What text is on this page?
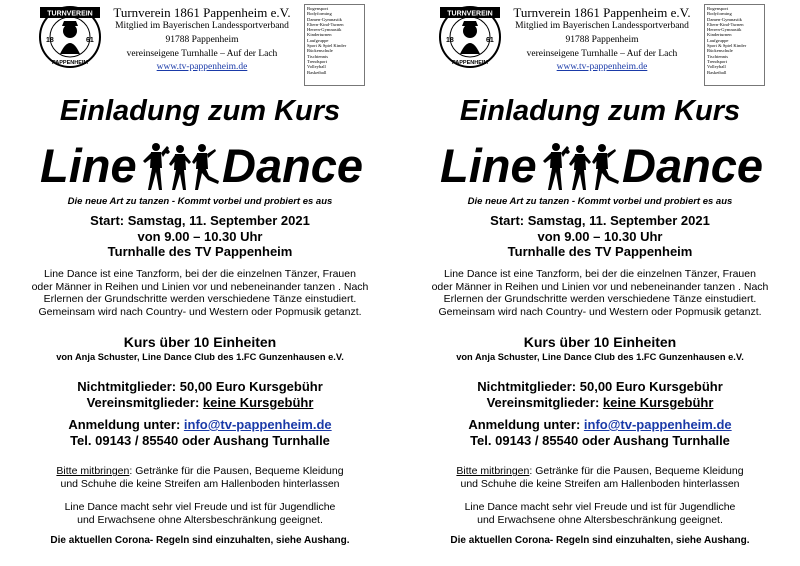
TURNVEREIN
18	61
PAPPENHEIM
Turnverein 1861 Pappenheim e.V.
Mitglied im Bayerischen Landessportverband
91788 Pappenheim
vereinseigene Turnhalle – Auf der Lach
www.tv-pappenheim.de
Bogensport
Bodyforming
Damen-Gymnastik
Eltern-Kind-Turnen
Herren-Gymnastik
Kinderturnen
Laufgruppe
Sport & Spiel Kinder
Rückenschule
Tischtennis
Trendsport
Volleyball
Basketball
Einladung zum Kurs
Line Dance
Die neue Art zu tanzen - Kommt vorbei und probiert es aus
Start: Samstag, 11. September 2021
von 9.00 – 10.30 Uhr
Turnhalle des TV Pappenheim
Line Dance ist eine Tanzform, bei der die einzelnen Tänzer, Frauen
oder Männer in Reihen und Linien vor und nebeneinander tanzen . Nach
Erlernen der Grundschritte werden verschiedene Tänze einstudiert.
Gemeinsam wird nach Country- und Western oder Popmusik getanzt.
Kurs über 10 Einheiten
von Anja Schuster, Line Dance Club des 1.FC Gunzenhausen e.V.
Nichtmitglieder: 50,00 Euro Kursgebühr
Vereinsmitglieder: keine Kursgebühr
Anmeldung unter: info@tv-pappenheim.de
Tel. 09143 / 85540 oder Aushang Turnhalle
Bitte mitbringen: Getränke für die Pausen, Bequeme Kleidung
und Schuhe die keine Streifen am Hallenboden hinterlassen
Line Dance macht sehr viel Freude und ist für Jugendliche
und Erwachsene ohne Altersbeschränkung geeignet.
Die aktuellen Corona- Regeln sind einzuhalten, siehe Aushang.
TURNVEREIN
18	61
PAPPENHEIM
Turnverein 1861 Pappenheim e.V.
Mitglied im Bayerischen Landessportverband
91788 Pappenheim
vereinseigene Turnhalle – Auf der Lach
www.tv-pappenheim.de
Bogensport
Bodyforming
Damen-Gymnastik
Eltern-Kind-Turnen
Herren-Gymnastik
Kinderturnen
Laufgruppe
Sport & Spiel Kinder
Rückenschule
Tischtennis
Trendsport
Volleyball
Basketball
Einladung zum Kurs
Line Dance
Die neue Art zu tanzen - Kommt vorbei und probiert es aus
Start: Samstag, 11. September 2021
von 9.00 – 10.30 Uhr
Turnhalle des TV Pappenheim
Line Dance ist eine Tanzform, bei der die einzelnen Tänzer, Frauen
oder Männer in Reihen und Linien vor und nebeneinander tanzen . Nach
Erlernen der Grundschritte werden verschiedene Tänze einstudiert.
Gemeinsam wird nach Country- und Western oder Popmusik getanzt.
Kurs über 10 Einheiten
von Anja Schuster, Line Dance Club des 1.FC Gunzenhausen e.V.
Nichtmitglieder: 50,00 Euro Kursgebühr
Vereinsmitglieder: keine Kursgebühr
Anmeldung unter: info@tv-pappenheim.de
Tel. 09143 / 85540 oder Aushang Turnhalle
Bitte mitbringen: Getränke für die Pausen, Bequeme Kleidung
und Schuhe die keine Streifen am Hallenboden hinterlassen
Line Dance macht sehr viel Freude und ist für Jugendliche
und Erwachsene ohne Altersbeschränkung geeignet.
Die aktuellen Corona- Regeln sind einzuhalten, siehe Aushang.
